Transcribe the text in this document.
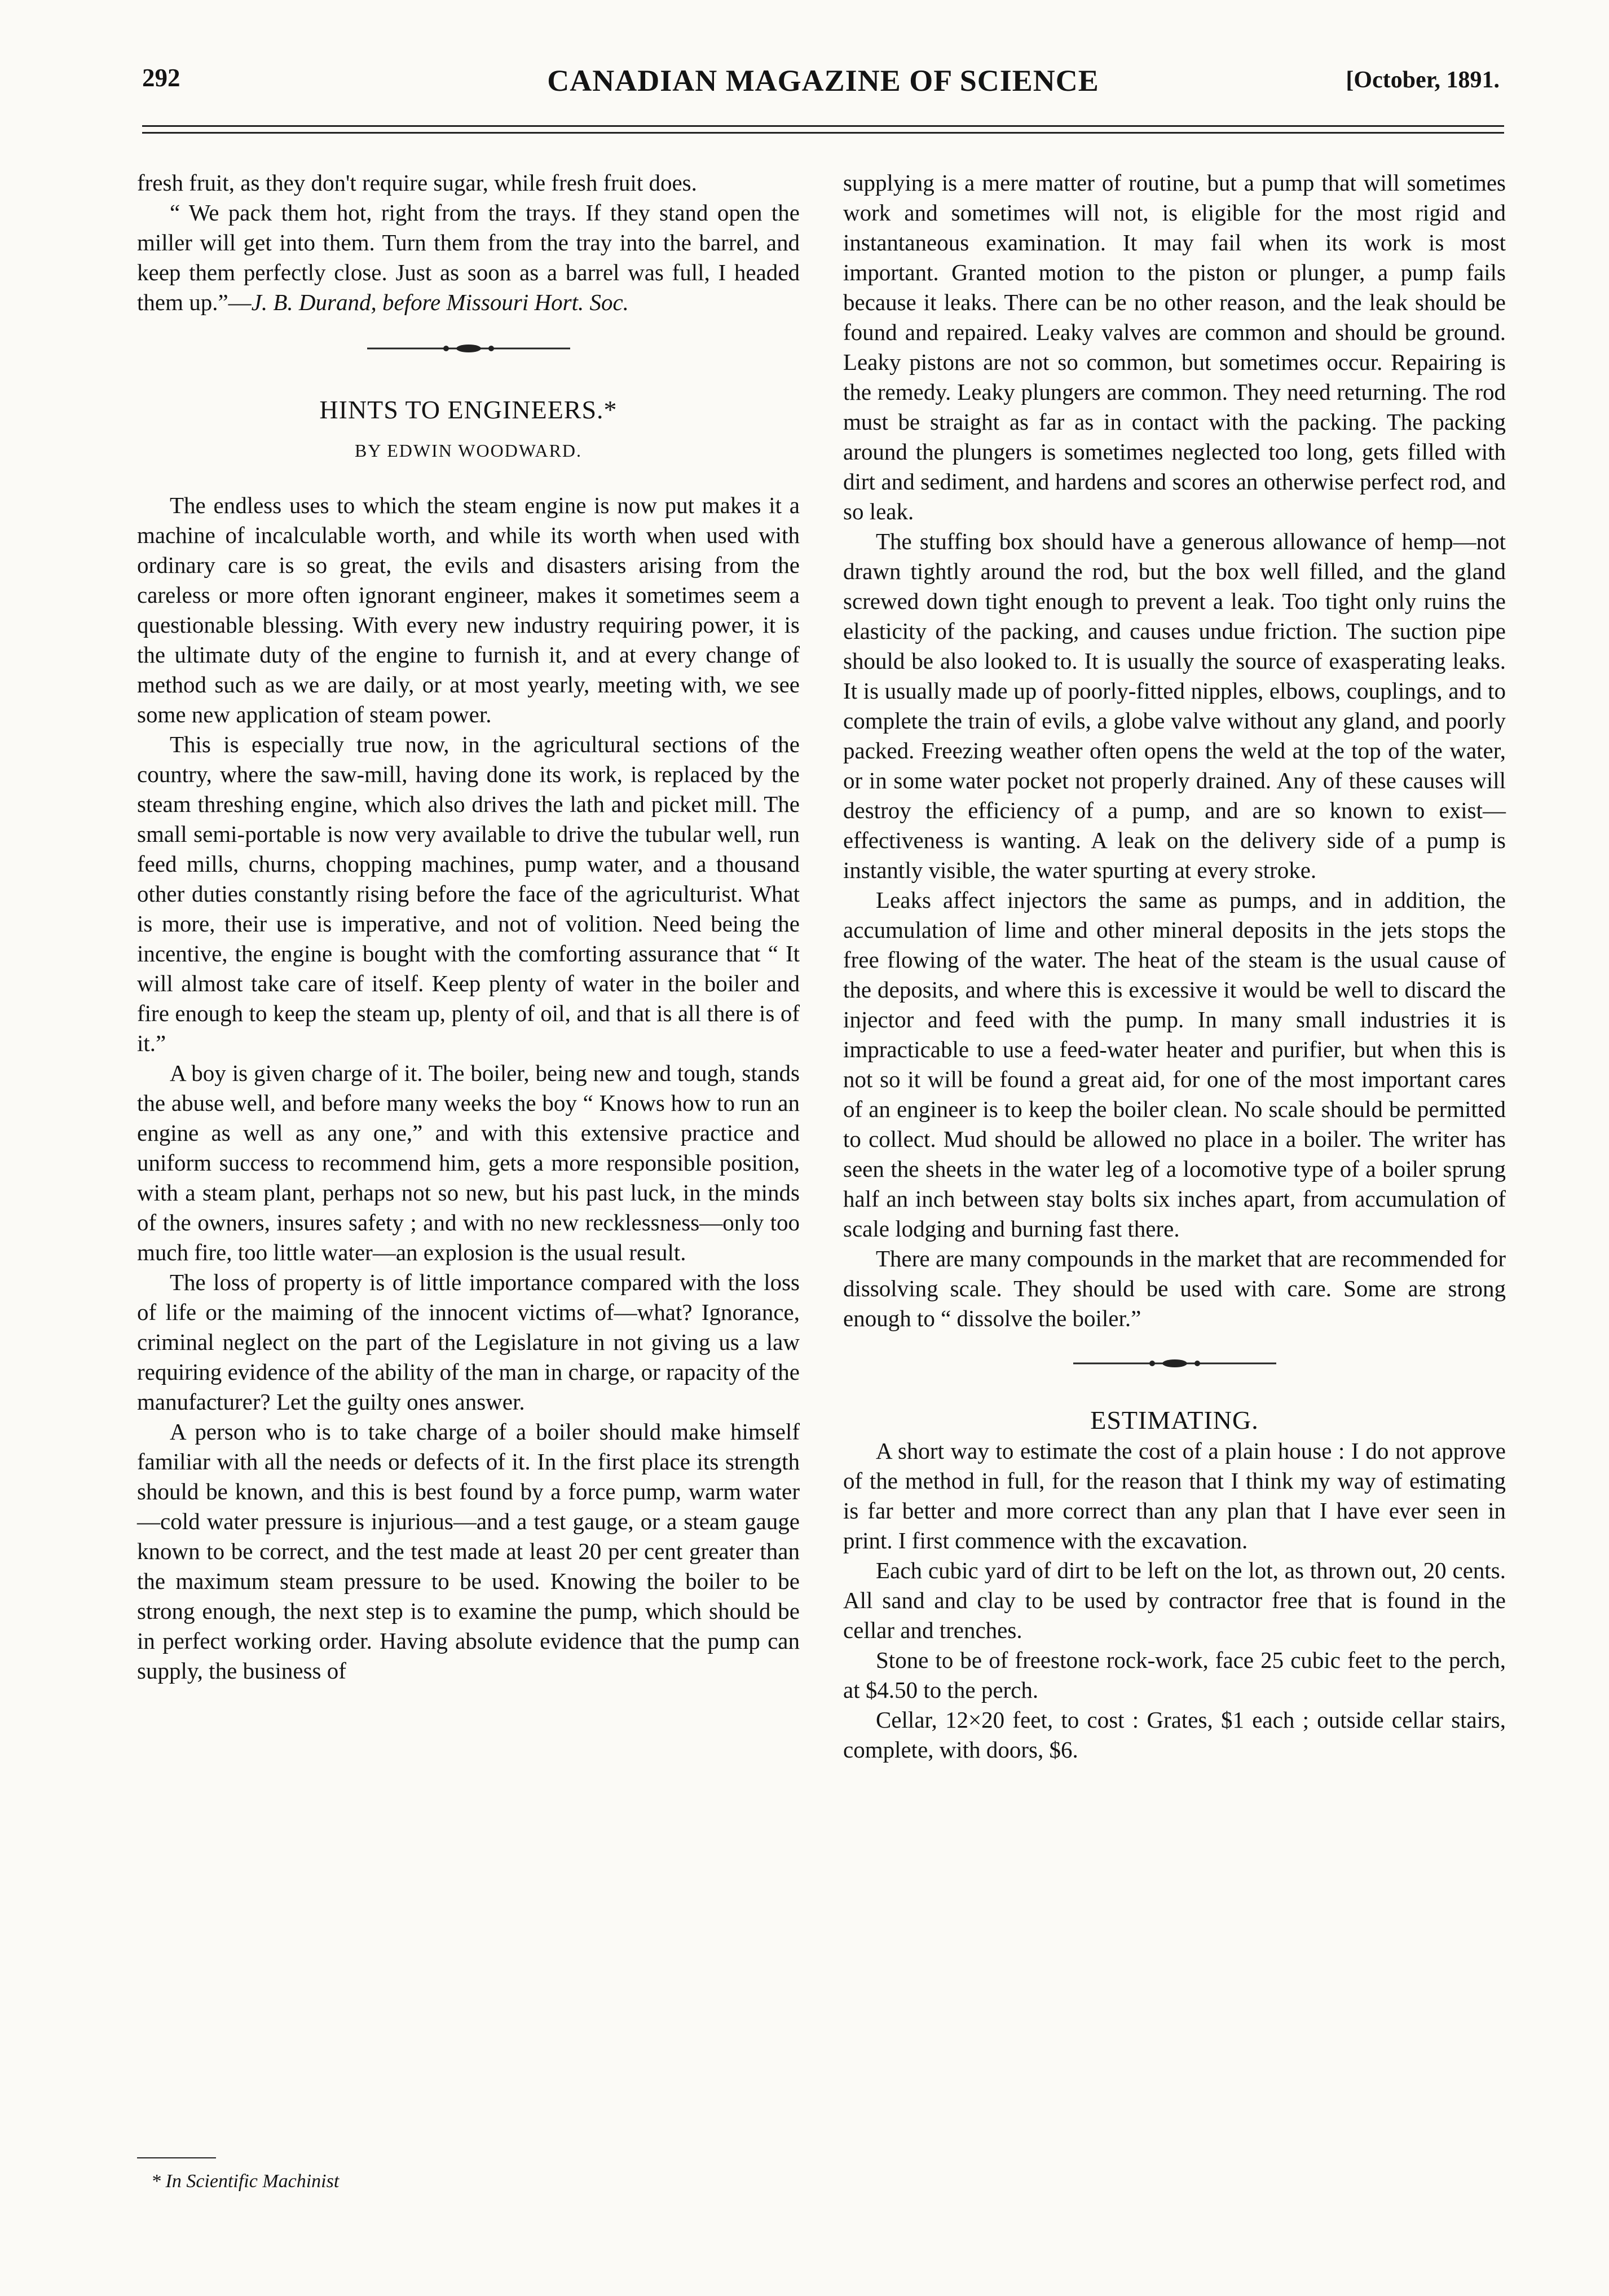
292	CANADIAN MAGAZINE OF SCIENCE	[October, 1891.

fresh fruit, as they don't require sugar, while fresh fruit does.

“ We pack them hot, right from the trays. If they stand open the miller will get into them. Turn them from the tray into the barrel, and keep them perfectly close. Just as soon as a barrel was full, I headed them up.”—J. B. Durand, before Missouri Hort. Soc.

HINTS TO ENGINEERS.*
BY EDWIN WOODWARD.

The endless uses to which the steam engine is now put makes it a machine of incalculable worth, and while its worth when used with ordinary care is so great, the evils and disasters arising from the careless or more often ignorant engineer, makes it sometimes seem a questionable blessing. With every new industry requiring power, it is the ultimate duty of the engine to furnish it, and at every change of method such as we are daily, or at most yearly, meeting with, we see some new application of steam power.

This is especially true now, in the agricultural sections of the country, where the saw-mill, having done its work, is replaced by the steam threshing engine, which also drives the lath and picket mill. The small semi-portable is now very available to drive the tubular well, run feed mills, churns, chopping machines, pump water, and a thousand other duties constantly rising before the face of the agriculturist. What is more, their use is imperative, and not of volition. Need being the incentive, the engine is bought with the comforting assurance that “ It will almost take care of itself. Keep plenty of water in the boiler and fire enough to keep the steam up, plenty of oil, and that is all there is of it.”

A boy is given charge of it. The boiler, being new and tough, stands the abuse well, and before many weeks the boy “ Knows how to run an engine as well as any one,” and with this extensive practice and uniform success to recommend him, gets a more responsible position, with a steam plant, perhaps not so new, but his past luck, in the minds of the owners, insures safety ; and with no new recklessness—only too much fire, too little water—an explosion is the usual result.

The loss of property is of little importance compared with the loss of life or the maiming of the innocent victims of—what? Ignorance, criminal neglect on the part of the Legislature in not giving us a law requiring evidence of the ability of the man in charge, or rapacity of the manufacturer? Let the guilty ones answer.

A person who is to take charge of a boiler should make himself familiar with all the needs or defects of it. In the first place its strength should be known, and this is best found by a force pump, warm water—cold water pressure is injurious—and a test gauge, or a steam gauge known to be correct, and the test made at least 20 per cent greater than the maximum steam pressure to be used. Knowing the boiler to be strong enough, the next step is to examine the pump, which should be in perfect working order. Having absolute evidence that the pump can supply, the business of

* In Scientific Machinist

supplying is a mere matter of routine, but a pump that will sometimes work and sometimes will not, is eligible for the most rigid and instantaneous examination. It may fail when its work is most important. Granted motion to the piston or plunger, a pump fails because it leaks. There can be no other reason, and the leak should be found and repaired. Leaky valves are common and should be ground. Leaky pistons are not so common, but sometimes occur. Repairing is the remedy. Leaky plungers are common. They need returning. The rod must be straight as far as in contact with the packing. The packing around the plungers is sometimes neglected too long, gets filled with dirt and sediment, and hardens and scores an otherwise perfect rod, and so leak.

The stuffing box should have a generous allowance of hemp—not drawn tightly around the rod, but the box well filled, and the gland screwed down tight enough to prevent a leak. Too tight only ruins the elasticity of the packing, and causes undue friction. The suction pipe should be also looked to. It is usually the source of exasperating leaks. It is usually made up of poorly-fitted nipples, elbows, couplings, and to complete the train of evils, a globe valve without any gland, and poorly packed. Freezing weather often opens the weld at the top of the water, or in some water pocket not properly drained. Any of these causes will destroy the efficiency of a pump, and are so known to exist—effectiveness is wanting. A leak on the delivery side of a pump is instantly visible, the water spurting at every stroke.

Leaks affect injectors the same as pumps, and in addition, the accumulation of lime and other mineral deposits in the jets stops the free flowing of the water. The heat of the steam is the usual cause of the deposits, and where this is excessive it would be well to discard the injector and feed with the pump. In many small industries it is impracticable to use a feed-water heater and purifier, but when this is not so it will be found a great aid, for one of the most important cares of an engineer is to keep the boiler clean. No scale should be permitted to collect. Mud should be allowed no place in a boiler. The writer has seen the sheets in the water leg of a locomotive type of a boiler sprung half an inch between stay bolts six inches apart, from accumulation of scale lodging and burning fast there.

There are many compounds in the market that are recommended for dissolving scale. They should be used with care. Some are strong enough to “ dissolve the boiler.”

ESTIMATING.

A short way to estimate the cost of a plain house : I do not approve of the method in full, for the reason that I think my way of estimating is far better and more correct than any plan that I have ever seen in print. I first commence with the excavation.

Each cubic yard of dirt to be left on the lot, as thrown out, 20 cents. All sand and clay to be used by contractor free that is found in the cellar and trenches.

Stone to be of freestone rock-work, face 25 cubic feet to the perch, at $4.50 to the perch.

Cellar, 12×20 feet, to cost : Grates, $1 each ; outside cellar stairs, complete, with doors, $6.
